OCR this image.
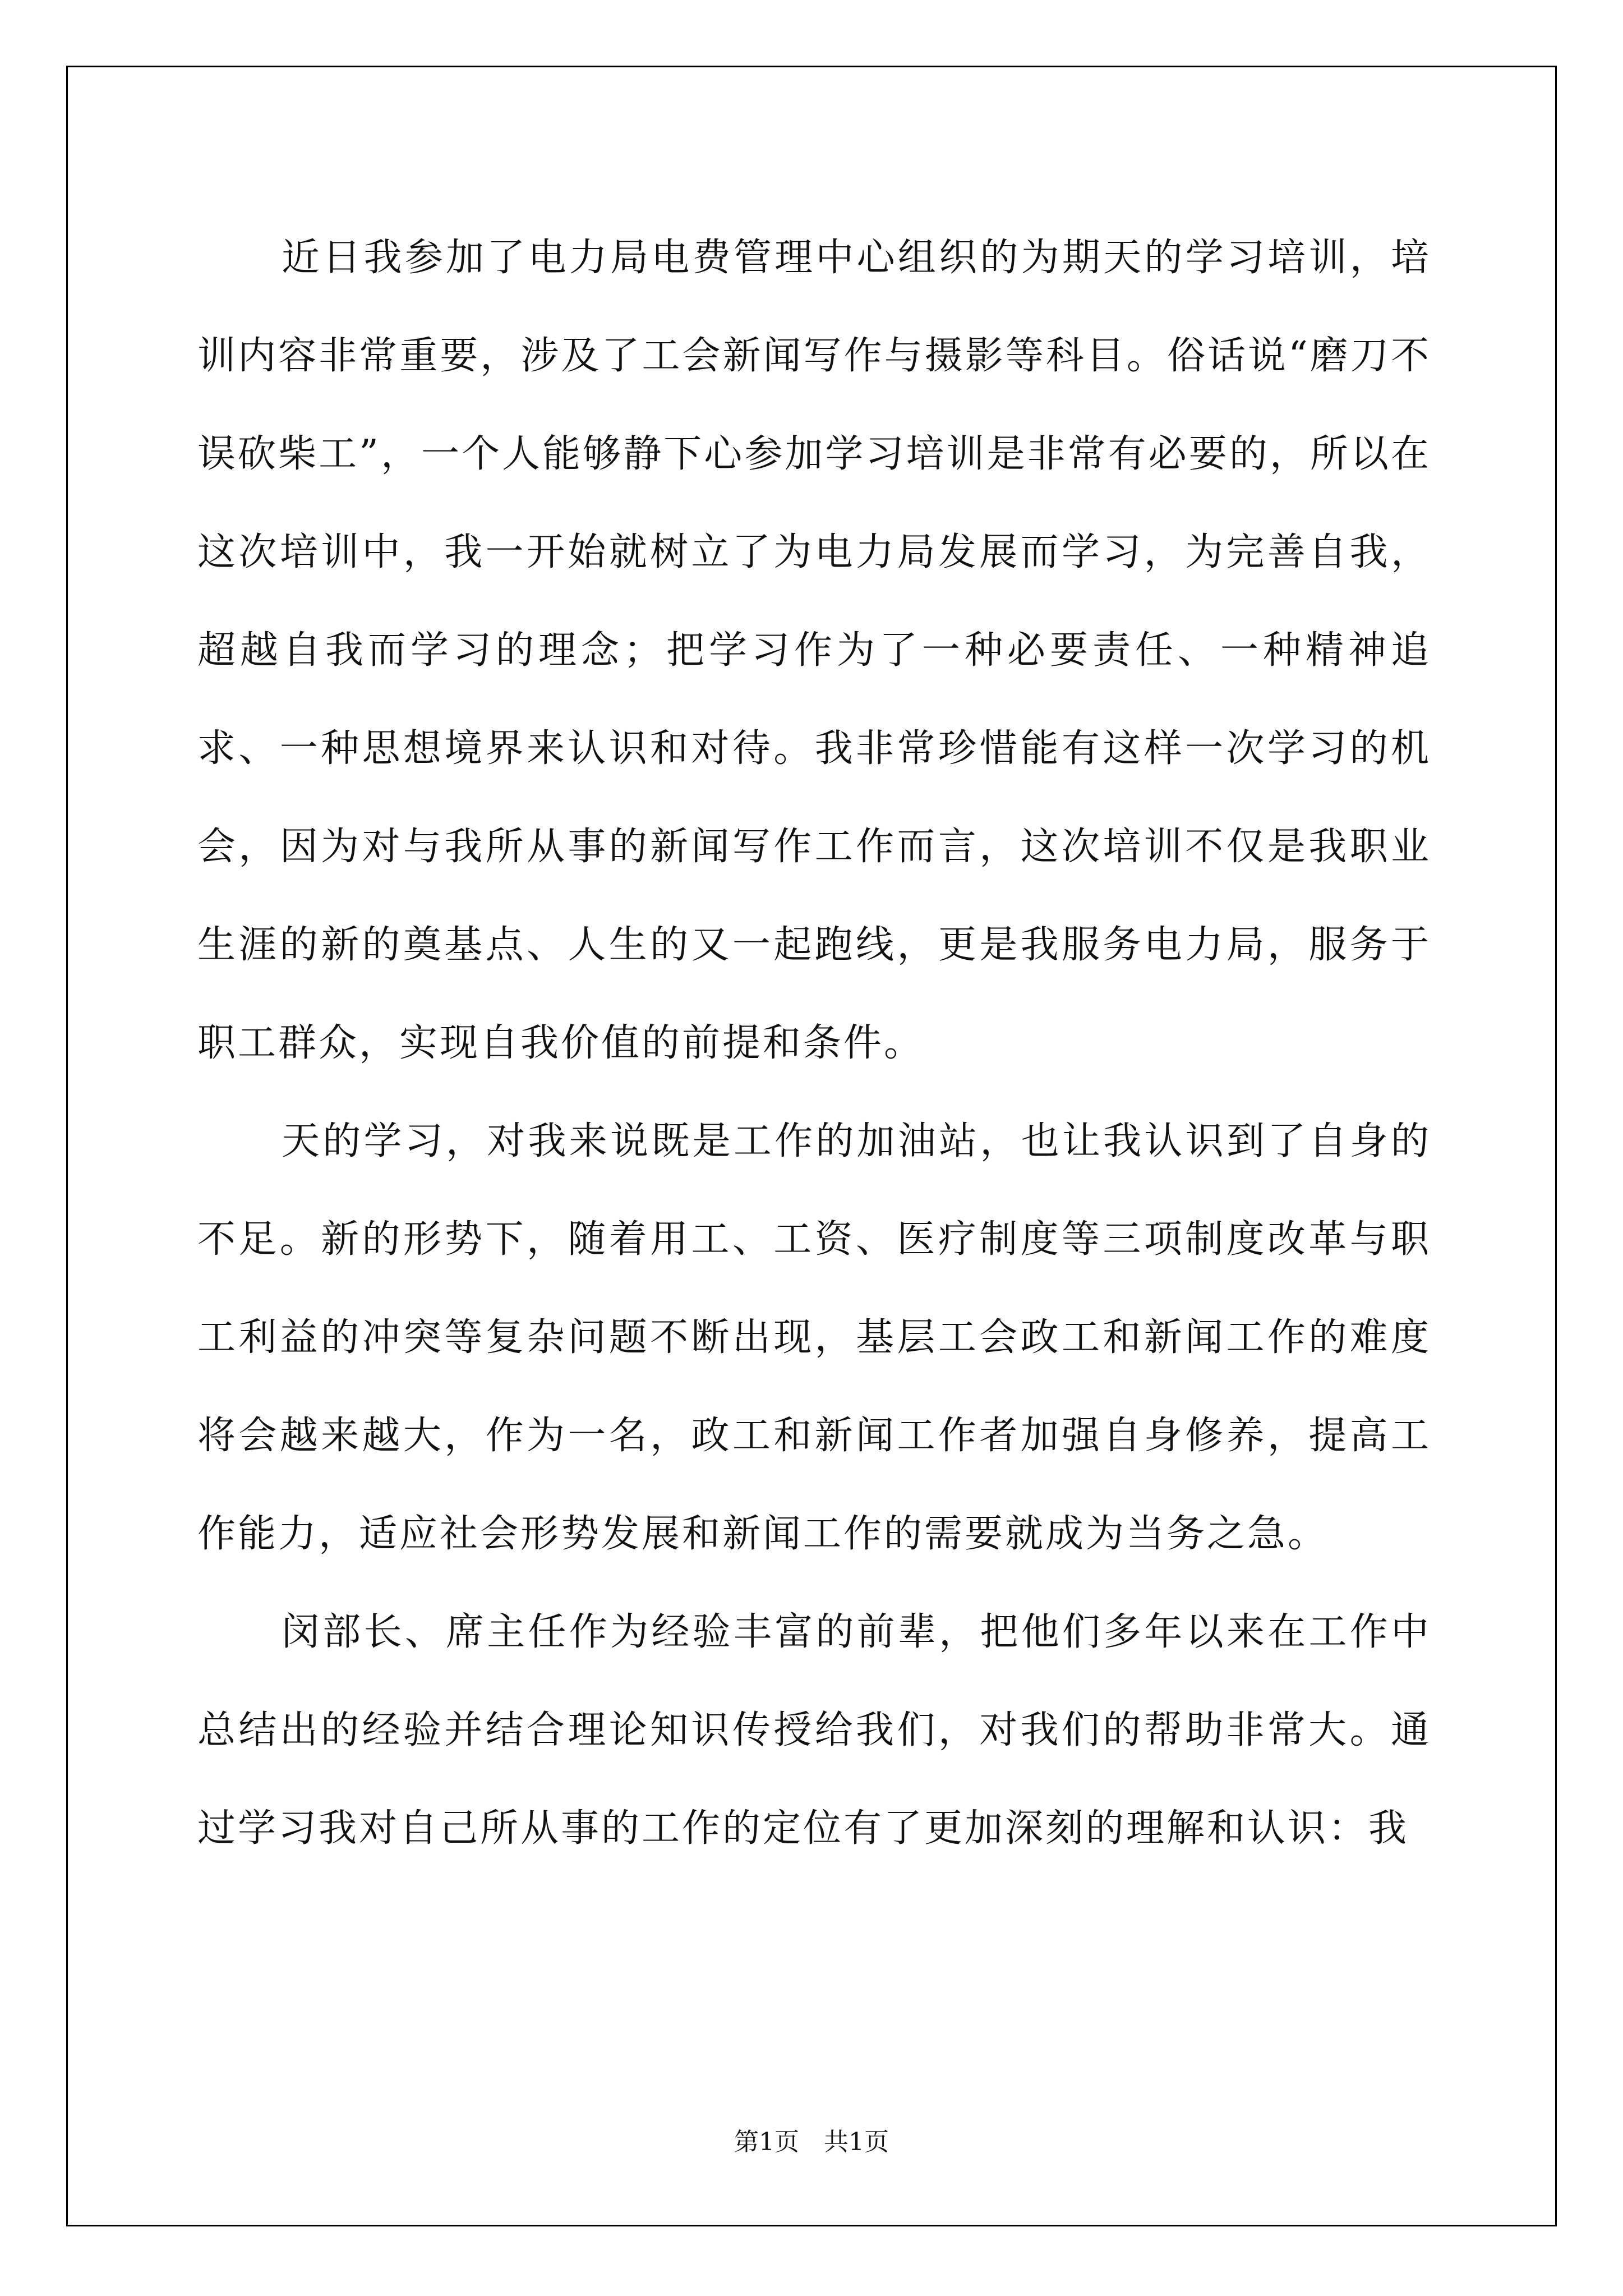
近日我参加了电力局电费管理中心组织的为期天的学习培训，培训内容非常重要，涉及了工会新闻写作与摄影等科目。俗话说“磨刀不误砍柴工”，一个人能够静下心参加学习培训是非常有必要的，所以在这次培训中，我一开始就树立了为电力局发展而学习，为完善自我，超越自我而学习的理念；把学习作为了一种必要责任、一种精神追求、一种思想境界来认识和对待。我非常珍惜能有这样一次学习的机会，因为对与我所从事的新闻写作工作而言，这次培训不仅是我职业生涯的新的奠基点、人生的又一起跑线，更是我服务电力局，服务于职工群众，实现自我价值的前提和条件。

天的学习，对我来说既是工作的加油站，也让我认识到了自身的不足。新的形势下，随着用工、工资、医疗制度等三项制度改革与职工利益的冲突等复杂问题不断出现，基层工会政工和新闻工作的难度将会越来越大，作为一名，政工和新闻工作者加强自身修养，提高工作能力，适应社会形势发展和新闻工作的需要就成为当务之急。

闵部长、席主任作为经验丰富的前辈，把他们多年以来在工作中总结出的经验并结合理论知识传授给我们，对我们的帮助非常大。通过学习我对自己所从事的工作的定位有了更加深刻的理解和认识：我

第1页　共1页
